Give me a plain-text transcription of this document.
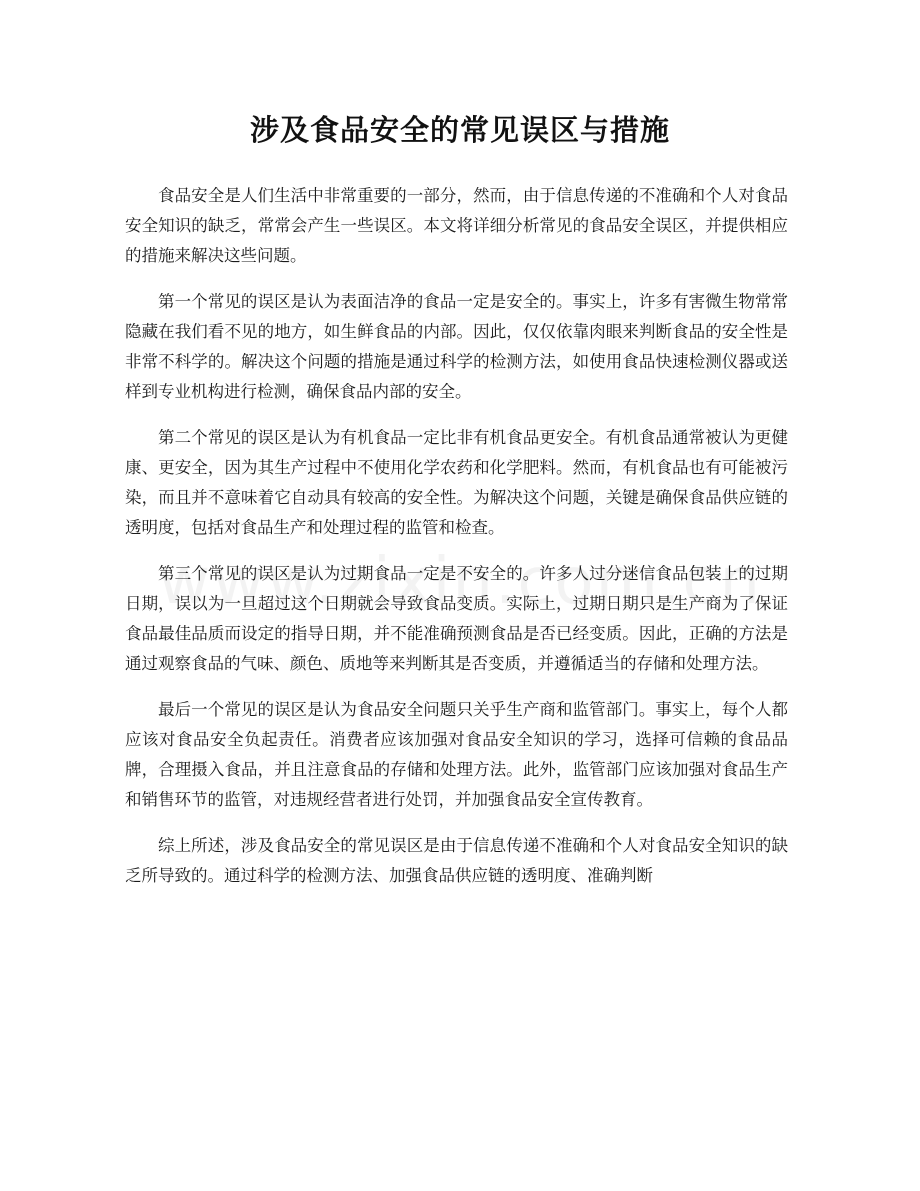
涉及食品安全的常见误区与措施

食品安全是人们生活中非常重要的一部分，然而，由于信息传递的不准确和个人对食品安全知识的缺乏，常常会产生一些误区。本文将详细分析常见的食品安全误区，并提供相应的措施来解决这些问题。

第一个常见的误区是认为表面洁净的食品一定是安全的。事实上，许多有害微生物常常隐藏在我们看不见的地方，如生鲜食品的内部。因此，仅仅依靠肉眼来判断食品的安全性是非常不科学的。解决这个问题的措施是通过科学的检测方法，如使用食品快速检测仪器或送样到专业机构进行检测，确保食品内部的安全。

第二个常见的误区是认为有机食品一定比非有机食品更安全。有机食品通常被认为更健康、更安全，因为其生产过程中不使用化学农药和化学肥料。然而，有机食品也有可能被污染，而且并不意味着它自动具有较高的安全性。为解决这个问题，关键是确保食品供应链的透明度，包括对食品生产和处理过程的监管和检查。

第三个常见的误区是认为过期食品一定是不安全的。许多人过分迷信食品包装上的过期日期，误以为一旦超过这个日期就会导致食品变质。实际上，过期日期只是生产商为了保证食品最佳品质而设定的指导日期，并不能准确预测食品是否已经变质。因此，正确的方法是通过观察食品的气味、颜色、质地等来判断其是否变质，并遵循适当的存储和处理方法。

最后一个常见的误区是认为食品安全问题只关乎生产商和监管部门。事实上，每个人都应该对食品安全负起责任。消费者应该加强对食品安全知识的学习，选择可信赖的食品品牌，合理摄入食品，并且注意食品的存储和处理方法。此外，监管部门应该加强对食品生产和销售环节的监管，对违规经营者进行处罚，并加强食品安全宣传教育。

综上所述，涉及食品安全的常见误区是由于信息传递不准确和个人对食品安全知识的缺乏所导致的。通过科学的检测方法、加强食品供应链的透明度、准确判断
